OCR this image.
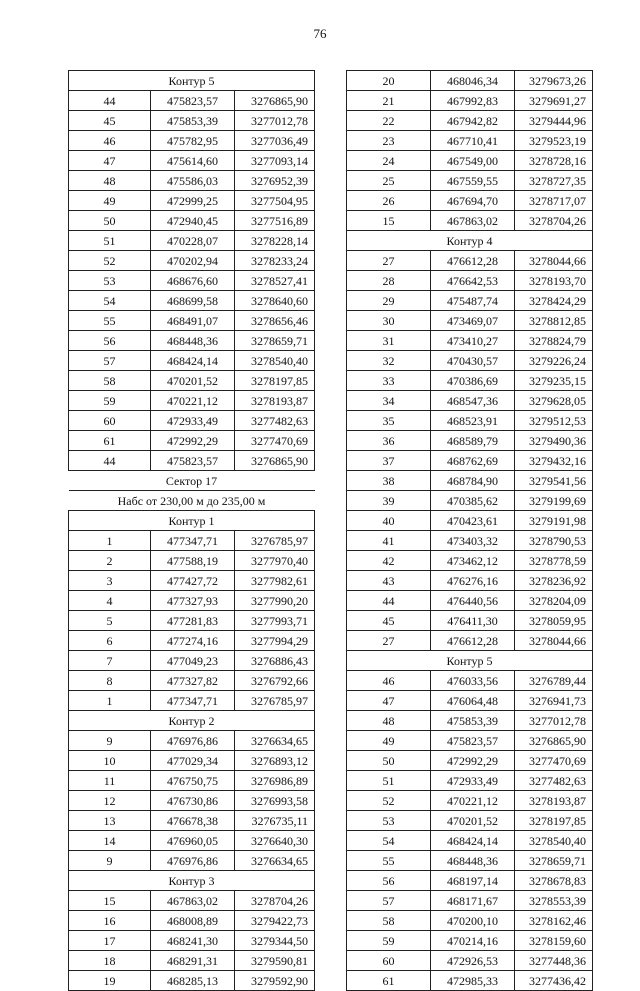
76
Контур 5		
44	475823,57	3276865,90
45	475853,39	3277012,78
46	475782,95	3277036,49
47	475614,60	3277093,14
48	475586,03	3276952,39
49	472999,25	3277504,95
50	472940,45	3277516,89
51	470228,07	3278228,14
52	470202,94	3278233,24
53	468676,60	3278527,41
54	468699,58	3278640,60
55	468491,07	3278656,46
56	468448,36	3278659,71
57	468424,14	3278540,40
58	470201,52	3278197,85
59	470221,12	3278193,87
60	472933,49	3277482,63
61	472992,29	3277470,69
44	475823,57	3276865,90
Сектор 17		
Набс от 230,00 м до 235,00 м		
Контур 1		
1	477347,71	3276785,97
2	477588,19	3277970,40
3	477427,72	3277982,61
4	477327,93	3277990,20
5	477281,83	3277993,71
6	477274,16	3277994,29
7	477049,23	3276886,43
8	477327,82	3276792,66
1	477347,71	3276785,97
Контур 2		
9	476976,86	3276634,65
10	477029,34	3276893,12
11	476750,75	3276986,89
12	476730,86	3276993,58
13	476678,38	3276735,11
14	476960,05	3276640,30
9	476976,86	3276634,65
Контур 3		
15	467863,02	3278704,26
16	468008,89	3279422,73
17	468241,30	3279344,50
18	468291,31	3279590,81
19	468285,13	3279592,90
20	468046,34	3279673,26
21	467992,83	3279691,27
22	467942,82	3279444,96
23	467710,41	3279523,19
24	467549,00	3278728,16
25	467559,55	3278727,35
26	467694,70	3278717,07
15	467863,02	3278704,26
Контур 4		
27	476612,28	3278044,66
28	476642,53	3278193,70
29	475487,74	3278424,29
30	473469,07	3278812,85
31	473410,27	3278824,79
32	470430,57	3279226,24
33	470386,69	3279235,15
34	468547,36	3279628,05
35	468523,91	3279512,53
36	468589,79	3279490,36
37	468762,69	3279432,16
38	468784,90	3279541,56
39	470385,62	3279199,69
40	470423,61	3279191,98
41	473403,32	3278790,53
42	473462,12	3278778,59
43	476276,16	3278236,92
44	476440,56	3278204,09
45	476411,30	3278059,95
27	476612,28	3278044,66
Контур 5		
46	476033,56	3276789,44
47	476064,48	3276941,73
48	475853,39	3277012,78
49	475823,57	3276865,90
50	472992,29	3277470,69
51	472933,49	3277482,63
52	470221,12	3278193,87
53	470201,52	3278197,85
54	468424,14	3278540,40
55	468448,36	3278659,71
56	468197,14	3278678,83
57	468171,67	3278553,39
58	470200,10	3278162,46
59	470214,16	3278159,60
60	472926,53	3277448,36
61	472985,33	3277436,42
